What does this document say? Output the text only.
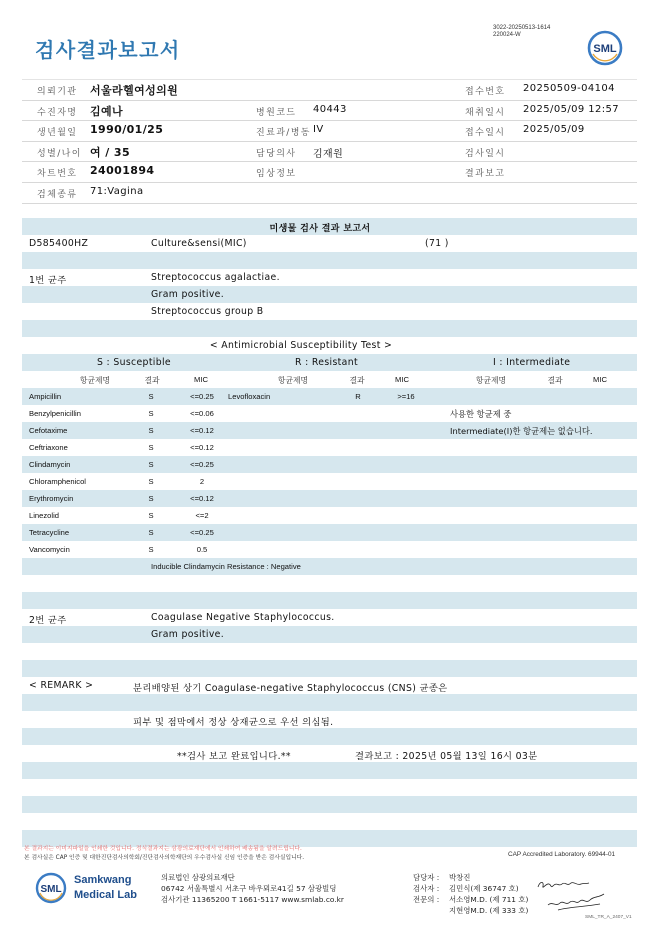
3022-20250513-1614
220024-W
검사결과보고서	SML
의뢰기관 서울라헬여성의원	접수번호 20250509-04104
수진자명 김예나	병원코드 40443	채취일시 2025/05/09 12:57
생년월일 1990/01/25	진료과/병동 IV	접수일시 2025/05/09
성별/나이 여 / 35	담당의사 김재원	검사일시
차트번호 24001894	임상정보	결과보고
검체종류 71:Vagina
미생물 검사 결과 보고서
D585400HZ	Culture&sensi(MIC)	(71 )
1번 균주	Streptococcus agalactiae.
Gram positive.
Streptococcus group B
< Antimicrobial Susceptibility Test >
S : Susceptible	R : Resistant	I : Intermediate
항균제명	결과	MIC	항균제명	결과	MIC	항균제명	결과	MIC
Ampicillin	S	<=0.25 Levofloxacin	R	>=16
Benzylpenicillin	S	<=0.06	사용한 항균제 중
Cefotaxime	S	<=0.12	Intermediate(I)한 항균제는 없습니다.
Ceftriaxone	S	<=0.12
Clindamycin	S	<=0.25
Chloramphenicol	S	2
Erythromycin	S	<=0.12
Linezolid	S	<=2
Tetracycline	S	<=0.25
Vancomycin	S	0.5
Inducible Clindamycin Resistance : Negative
2번 균주	Coagulase Negative Staphylococcus.
Gram positive.
< REMARK >	분리배양된 상기 Coagulase-negative Staphylococcus (CNS) 균종은
피부 및 점막에서 정상 상재균으로 우선 의심됨.
**검사 보고 완료입니다.**	결과보고 : 2025년 05월 13일 16시 03분
본 결과지는 이미지파일을 인쇄한 것입니다. 정식결과지는 삼광의료재단에서 인쇄하여 배송됨을 알려드립니다.
본 검사실은 CAP 인증 및 대한진단검사의학회/진단검사의학재단의 우수검사실 신임 인증을 받은 검사실입니다.	CAP Accredited Laboratory. 69944-01
SML
Samkwang
Medical Lab
의료법인 삼광의료재단
06742 서울특별시 서초구 바우뫼로41길 57 삼광빌딩
검사기관 11365200 T 1661-5117 www.smlab.co.kr
담당자 : 박창진
검사자 : 김민식(제 36747 호)
전문의 : 서소영M.D. (제 711 호)
지현영M.D. (제 333 호)
SML_TR_A_2407_V1
